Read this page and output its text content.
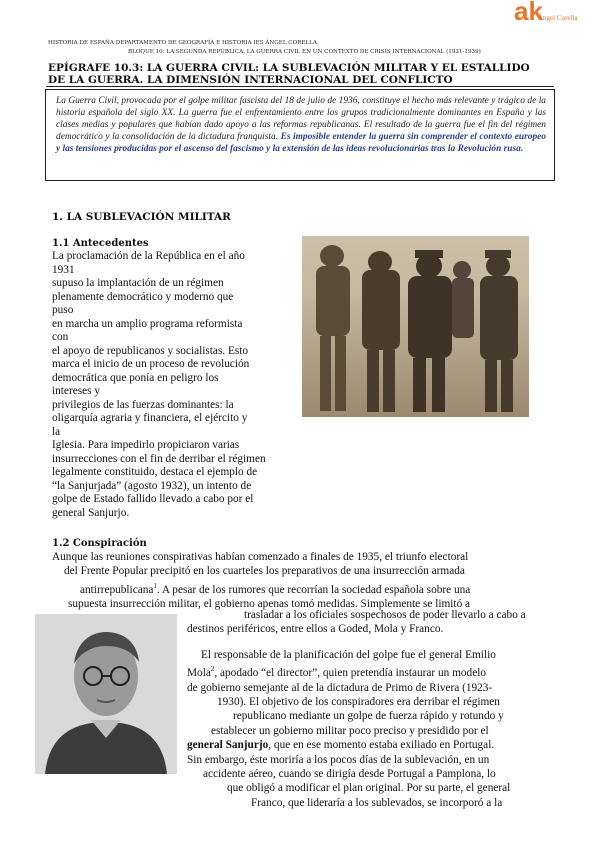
ak
Ángel Corella
HISTORIA DE ESPAÑA DEPARTAMENTO DE GEOGRAFÍA E HISTORIA IES ÁNGEL CORELLA
BLOQUE 10: LA SEGUNDA REPÚBLICA. LA GUERRA CIVIL EN UN CONTEXTO DE CRISIS INTERNACIONAL (1931-1939)
EPÍGRAFE 10.3: LA GUERRA CIVIL: LA SUBLEVACIÓN MILITAR Y EL ESTALLIDO DE LA GUERRA. LA DIMENSIÓN INTERNACIONAL DEL CONFLICTO
La Guerra Civil, provocada por el golpe militar fascista del 18 de julio de 1936, constituye el hecho más relevante y trágico de la historia española del siglo XX. La guerra fue el enfrentamiento entre los grupos tradicionalmente dominantes en España y las clases medias y populares que habían dado apoyo a las reformas republicanas. El resultado de la guerra fue el fin del régimen democrático y la consolidación de la dictadura franquista. Es imposible entender la guerra sin comprender el contexto europeo y las tensiones producidas por el ascenso del fascismo y la extensión de las ideas revolucionarias tras la Revolución rusa.
1. LA SUBLEVACIÓN MILITAR
1.1 Antecedentes
La proclamación de la República en el año
1931
supuso la implantación de un régimen
plenamente democrático y moderno que
puso
en marcha un amplio programa reformista
con
el apoyo de republicanos y socialistas. Esto
marca el inicio de un proceso de revolución
democrática que ponía en peligro los
intereses y
privilegios de las fuerzas dominantes: la
oligarquía agraria y financiera, el ejército y
la
Iglesia. Para impedirlo propiciaron varias
insurrecciones con el fin de derribar el régimen
legalmente constituido, destaca el ejemplo de
“la Sanjurjada” (agosto 1932), un intento de
golpe de Estado fallido llevado a cabo por el
general Sanjurjo.
1.2 Conspiración
Aunque las reuniones conspirativas habían comenzado a finales de 1935, el triunfo electoral
del Frente Popular precipitó en los cuarteles los preparativos de una insurrección armada
antirrepublicana$^1$. A pesar de los rumores que recorrían la sociedad española sobre una
supuesta insurrección militar, el gobierno apenas tomó medidas. Simplemente se limitó a
trasladar a los oficiales sospechosos de poder llevarlo a cabo a
destinos periféricos, entre ellos a Goded, Mola y Franco.
El responsable de la planificación del golpe fue el general Emilio
Mola$^2$, apodado “el director”, quien pretendía instaurar un modelo
de gobierno semejante al de la dictadura de Primo de Rivera (1923-
1930). El objetivo de los conspiradores era derribar el régimen
republicano mediante un golpe de fuerza rápido y rotundo y
establecer un gobierno militar poco preciso y presidido por el
general Sanjurjo, que en ese momento estaba exiliado en Portugal.
Sin embargo, éste moriría a los pocos días de la sublevación, en un
accidente aéreo, cuando se dirigía desde Portugal a Pamplona, lo
que obligó a modificar el plan original. Por su parte, el general
Franco, que lideraría a los sublevados, se incorporó a la
